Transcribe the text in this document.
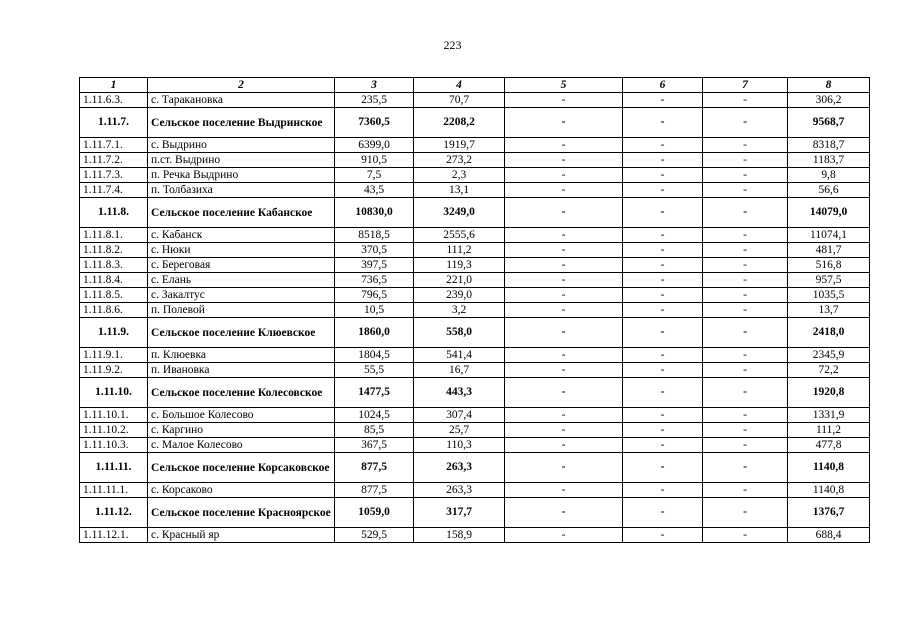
223
1	2	3	4	5	6	7	8
1.11.6.3.	с. Таракановка	235,5	70,7	-	-	-	306,2
1.11.7.	Сельское поселение Выдринское	7360,5	2208,2	-	-	-	9568,7
1.11.7.1.	с. Выдрино	6399,0	1919,7	-	-	-	8318,7
1.11.7.2.	п.ст. Выдрино	910,5	273,2	-	-	-	1183,7
1.11.7.3.	п. Речка Выдрино	7,5	2,3	-	-	-	9,8
1.11.7.4.	п. Толбазиха	43,5	13,1	-	-	-	56,6
1.11.8.	Сельское поселение Кабанское	10830,0	3249,0	-	-	-	14079,0
1.11.8.1.	с. Кабанск	8518,5	2555,6	-	-	-	11074,1
1.11.8.2.	с. Нюки	370,5	111,2	-	-	-	481,7
1.11.8.3.	с. Береговая	397,5	119,3	-	-	-	516,8
1.11.8.4.	с. Елань	736,5	221,0	-	-	-	957,5
1.11.8.5.	с. Закалтус	796,5	239,0	-	-	-	1035,5
1.11.8.6.	п. Полевой	10,5	3,2	-	-	-	13,7
1.11.9.	Сельское поселение Клюевское	1860,0	558,0	-	-	-	2418,0
1.11.9.1.	п. Клюевка	1804,5	541,4	-	-	-	2345,9
1.11.9.2.	п. Ивановка	55,5	16,7	-	-	-	72,2
1.11.10.	Сельское поселение Колесовское	1477,5	443,3	-	-	-	1920,8
1.11.10.1.	с. Большое Колесово	1024,5	307,4	-	-	-	1331,9
1.11.10.2.	с. Каргино	85,5	25,7	-	-	-	111,2
1.11.10.3.	с. Малое Колесово	367,5	110,3	-	-	-	477,8
1.11.11.	Сельское поселение Корсаковское	877,5	263,3	-	-	-	1140,8
1.11.11.1.	с. Корсаково	877,5	263,3	-	-	-	1140,8
1.11.12.	Сельское поселение Красноярское	1059,0	317,7	-	-	-	1376,7
1.11.12.1.	с. Красный яр	529,5	158,9	-	-	-	688,4
